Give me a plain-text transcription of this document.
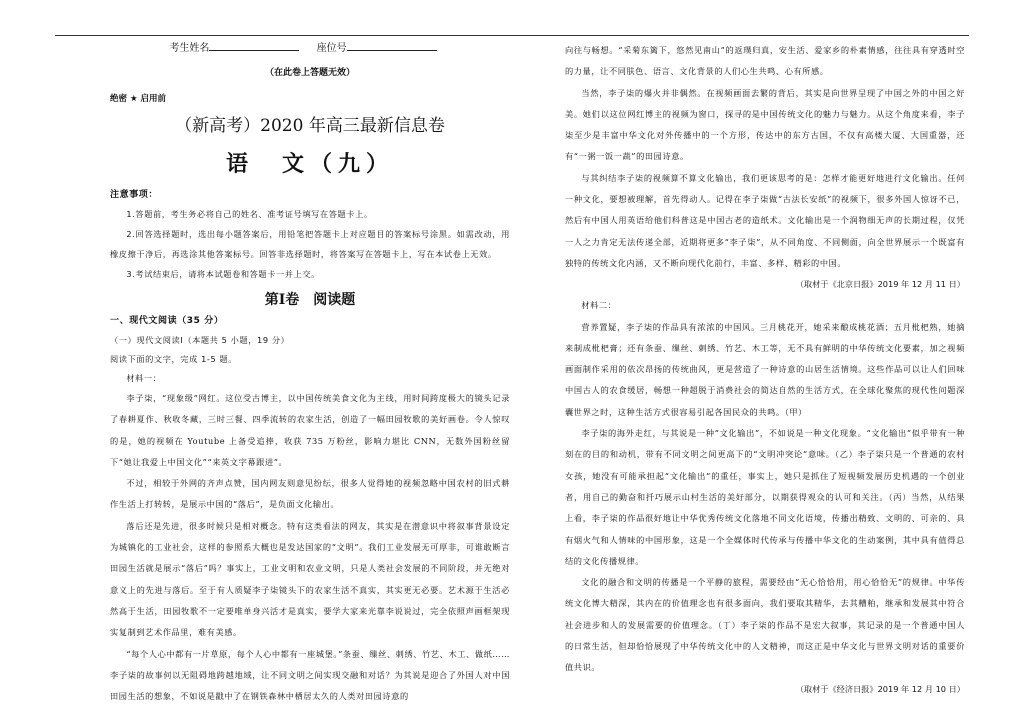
考生姓名	座位号
（在此卷上答题无效）
绝密 ★ 启用前

（新高考）2020 年高三最新信息卷

语　文（九）

注意事项：

1.答题前，考生务必将自己的姓名、准考证号填写在答题卡上。

2.回答选择题时，选出每小题答案后，用铅笔把答题卡上对应题目的答案标号涂黑。如需改动，用橡皮擦干净后，再选涂其他答案标号。回答非选择题时，将答案写在答题卡上，写在本试卷上无效。

3.考试结束后，请将本试题卷和答题卡一并上交。

第Ⅰ卷　阅读题
一、现代文阅读（35 分）
（一）现代文阅读Ⅰ（本题共 5 小题，19 分）
阅读下面的文字，完成 1-5 题。
材料一：

李子柒，“现象级”网红。这位受古博主，以中国传统美食文化为主线，用时间跨度极大的镜头记录了春耕夏作、秋收冬藏，三时三餐、四季流转的农家生活，创造了一幅田园牧歌的美好画卷。令人惊叹的是，她的视频在 Youtube 上备受追捧，收获 735 万粉丝，影响力堪比 CNN，无数外国粉丝留下“她让我爱上中国文化”“来英文字幕跟进”。

不过，相较于外网的齐声点赞，国内网友则意见纷纭，很多人觉得她的视频忽略中国农村的旧式耕作生活上打转转，是展示中国的“落后”，是负面文化输出。

落后还是先进，很多时候只是相对概念。特有这类看法的网友，其实是在潜意识中将叙事背景设定为城镇化的工业社会，这样的参照系大概也是发达国家的“文明”。我们工业发展无可厚非，可谁敢断言田园生活就是展示“落后”吗？事实上，工业文明和农业文明，只是人类社会发展的不同阶段，并无绝对意义上的先进与落后。至于有人质疑李子柒镜头下的农家生活不真实，其实更无必要。艺术源于生活必然高于生活，田园牧歌不一定要唯单身兴活才是真实，要学大家来光靠李说说过，完全依照声画框架现实复制到艺术作品里，难有美感。

“每个人心中都有一片草原，每个人心中都有一座城堡。”条蚕、缫丝、刺绣、竹艺、木工、做纸……李子柒的故事何以无阻碍地跨越地域，让不同文明之间实现交融和对话？为其说是迎合了外国人对中国田园生活的想象，不如说是戳中了在钢铁森林中栖居太久的人类对田园诗意的

向往与畅想。“采菊东篱下，悠然见南山”的返璞归真，安生活、爱家乡的朴素情感，往往具有穿透时空的力量，让不同肤色、语言、文化背景的人们心生共鸣、心有所感。

当然，李子柒的爆火并非偶然。在视频画面去繁的背后，其实是向世界呈现了中国之外的中国之好美。她们以这位网红博主的视频为窗口，探寻的是中国传统文化的魅力与魅力。从这个角度来看，李子柒至少是丰富中华文化对外传播中的一个方形，传达中的东方古国，不仅有高楼大厦、大国重器，还有“一粥一饭一蔬”的田园诗意。

与其纠结李子柒的视频算不算文化输出，我们更该思考的是：怎样才能更好地进行文化输出。任何一种文化，要想被理解，首先得动人。记得在李子柒做“古法长安纸”的视频下，很多外国人惊讶不已，然后有中国人用英语给他们科普这是中国古老的造纸术。文化输出是一个润物细无声的长期过程，仅凭一人之力肯定无法传递全部，近期将更多“李子柒”，从不同角度、不同侧面，向全世界展示一个既富有独特的传统文化内涵，又不断向现代化前行，丰富、多样、精彩的中国。

（取材于《北京日报》2019 年 12 月 11 日）
材料二：

营养置疑，李子柒的作品具有浓浓的中国风。三月桃花开，她采来酿成桃花酒；五月枇杷熟，她摘来制成枇杷膏；还有条蚕、缫丝、刺绣、竹艺、木工等，无不具有鲜明的中华传统文化要素，加之视频画面制作采用的依次昂扬的传统曲风，更是营造了一种诗意的山居生活情境。这些作品可以让人们回味中国古人的农食缓居，畅想一种超脱于消费社会的简达自然的生活方式，在全球化聚焦的现代性问题深囊世界之时，这种生活方式很容易引起各国民众的共鸣。（甲）

李子柒的海外走红，与其说是一种“文化输出”，不如说是一种文化现象。“文化输出”似乎带有一种刻在的目的和动机，带有不同文明之间更高下的“文明冲突论”意味。（乙）李子柒只是一个普通的农村女孩，她没有可能承担起“文化输出”的重任，事实上，她只是抓住了短视频发展历史机遇的一个创业者，用自己的勤奋和扦巧展示山村生活的美好部分，以期获得观众的认可和关注。（丙）当然，从结果上看，李子柒的作品很好地让中华优秀传统文化落地不同文化语境，传播出精致、文明的、可亲的、具有烟火气和人情味的中国形象，这是一个全媒体时代传承与传播中华文化的生动案例，其中具有值得总结的文化传播规律。

文化的融合和文明的传播是一个平静的旅程，需要经由“无心恰恰用，用心恰恰无”的规律。中华传统文化博大精深，其内在的价值理念也有很多面向，我们要取其精华，去其糟粕，继承和发展其中符合社会进步和人的发展需要的价值理念。（丁）李子柒的作品不是宏大叙事，其记录的是一个普通中国人的日常生活，但却恰恰展现了中华传统文化中的人文精神，而这正是中华文化与世界文明对话的重要价值共识。

（取材于《经济日报》2019 年 12 月 10 日）
